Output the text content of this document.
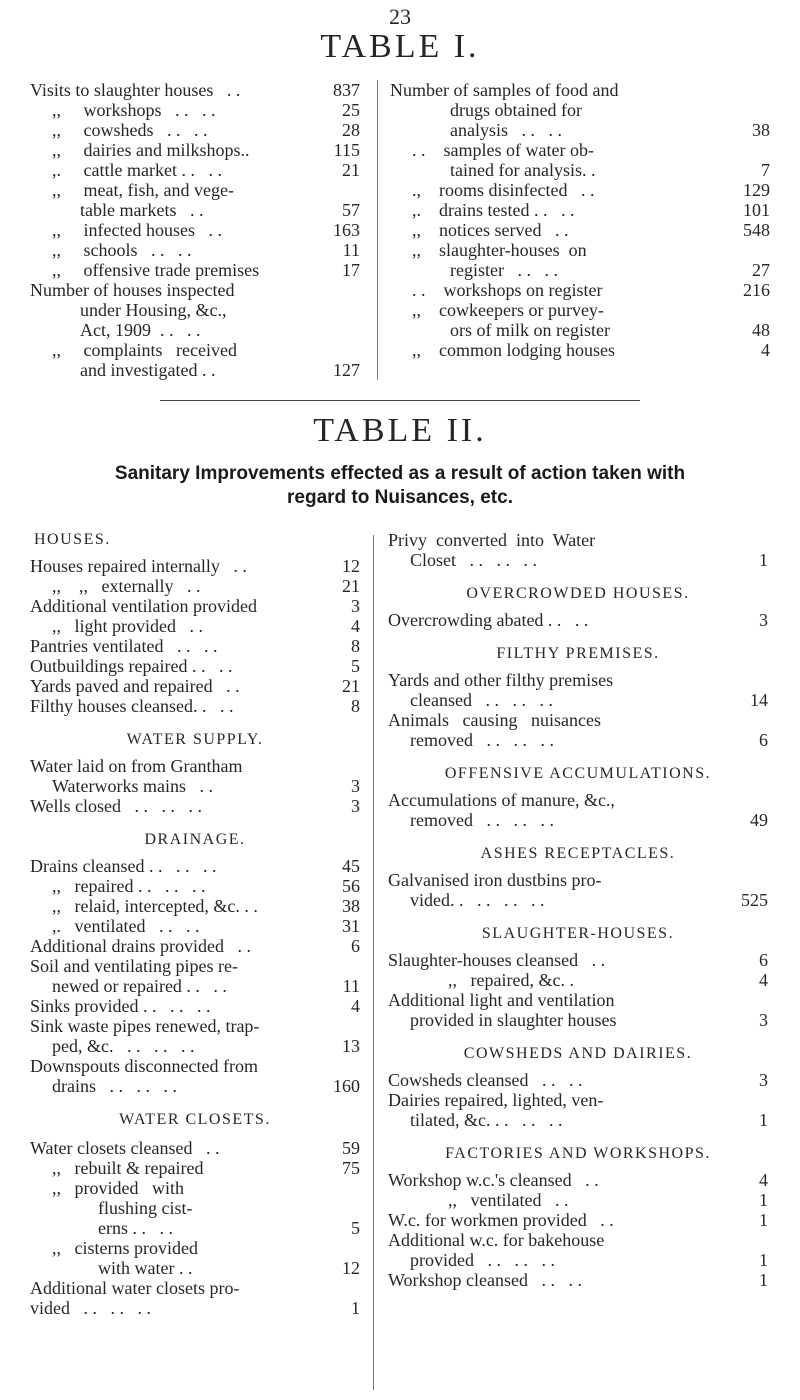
23
TABLE I.
Visits to slaughter houses   . .	837
,,     workshops   . .   . .	25
,,     cowsheds   . .   . .	28
,,     dairies and milkshops..	115
,.     cattle market . .   . .	21
,,     meat, fish, and vege-
table markets   . .	57
,,     infected houses   . .	163
,,     schools   . .   . .	11
,,     offensive trade premises	17
Number of houses inspected
under Housing, &c.,
Act, 1909  . .   . .
,,     complaints   received
and investigated . .	127
Number of samples of food and
drugs obtained for
analysis   . .   . .	38
. .    samples of water ob-
tained for analysis. .	7
.,    rooms disinfected   . .	129
,.    drains tested . .   . .	101
,,    notices served   . .	548
,,    slaughter-houses  on
register   . .   . .	27
. .    workshops on register	216
,,    cowkeepers or purvey-
ors of milk on register	48
,,    common lodging houses	4
TABLE II.
Sanitary Improvements effected as a result of action taken with
regard to Nuisances, etc.
HOUSES.
Houses repaired internally   . .	12
,,    ,,   externally   . .	21
Additional ventilation provided	3
,,   light provided   . .	4
Pantries ventilated   . .   . .	8
Outbuildings repaired . .   . .	5
Yards paved and repaired   . .	21
Filthy houses cleansed. .   . .	8
WATER SUPPLY.
Water laid on from Grantham
Waterworks mains   . .	3
Wells closed   . .   . .   . .	3
DRAINAGE.
Drains cleansed . .   . .   . .	45
,,   repaired . .   . .   . .	56
,,   relaid, intercepted, &c. . .	38
,.   ventilated   . .   . .	31
Additional drains provided   . .	6
Soil and ventilating pipes re-
newed or repaired . .   . .	11
Sinks provided . .   . .   . .	4
Sink waste pipes renewed, trap-
ped, &c.   . .   . .   . .	13
Downspouts disconnected from
drains   . .   . .   . .	160
WATER CLOSETS.
Water closets cleansed   . .	59
,,   rebuilt & repaired	75
,,   provided   with
flushing cist-
erns . .   . .	5
,,   cisterns provided
with water . .	12
Additional water closets pro-
vided   . .   . .   . .	1
Privy  converted  into  Water
Closet   . .   . .   . .	1
OVERCROWDED HOUSES.
Overcrowding abated . .   . .	3
FILTHY PREMISES.
Yards and other filthy premises
cleansed   . .   . .   . .	14
Animals   causing   nuisances
removed   . .   . .   . .	6
OFFENSIVE ACCUMULATIONS.
Accumulations of manure, &c.,
removed   . .   . .   . .	49
ASHES RECEPTACLES.
Galvanised iron dustbins pro-
vided. .   . .   . .   . .	525
SLAUGHTER-HOUSES.
Slaughter-houses cleansed   . .	6
,,   repaired, &c. .	4
Additional light and ventilation
provided in slaughter houses	3
COWSHEDS AND DAIRIES.
Cowsheds cleansed   . .   . .	3
Dairies repaired, lighted, ven-
tilated, &c. . .   . .   . .	1
FACTORIES AND WORKSHOPS.
Workshop w.c.'s cleansed   . .	4
,,   ventilated   . .	1
W.c. for workmen provided   . .	1
Additional w.c. for bakehouse
provided   . .   . .   . .	1
Workshop cleansed   . .   . .	1
